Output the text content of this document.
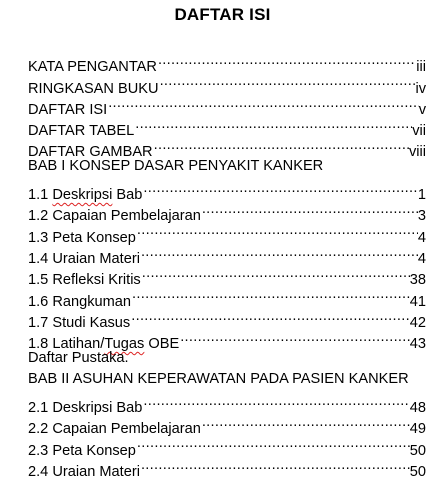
DAFTAR ISI
KATA PENGANTAR .....	iii
RINGKASAN BUKU .....	iv
DAFTAR ISI .....	v
DAFTAR TABEL .....	vii
DAFTAR GAMBAR .....	viii
BAB I KONSEP DASAR PENYAKIT KANKER
1.1 Deskripsi Bab .....	1
1.2 Capaian Pembelajaran .....	3
1.3 Peta Konsep .....	4
1.4 Uraian Materi .....	4
1.5 Refleksi Kritis .....	38
1.6 Rangkuman .....	41
1.7 Studi Kasus .....	42
1.8 Latihan/Tugas OBE .....	43
Daftar Pustaka.
BAB II ASUHAN KEPERAWATAN PADA PASIEN KANKER
2.1 Deskripsi Bab .....	48
2.2 Capaian Pembelajaran .....	49
2.3 Peta Konsep .....	50
2.4 Uraian Materi .....	50
